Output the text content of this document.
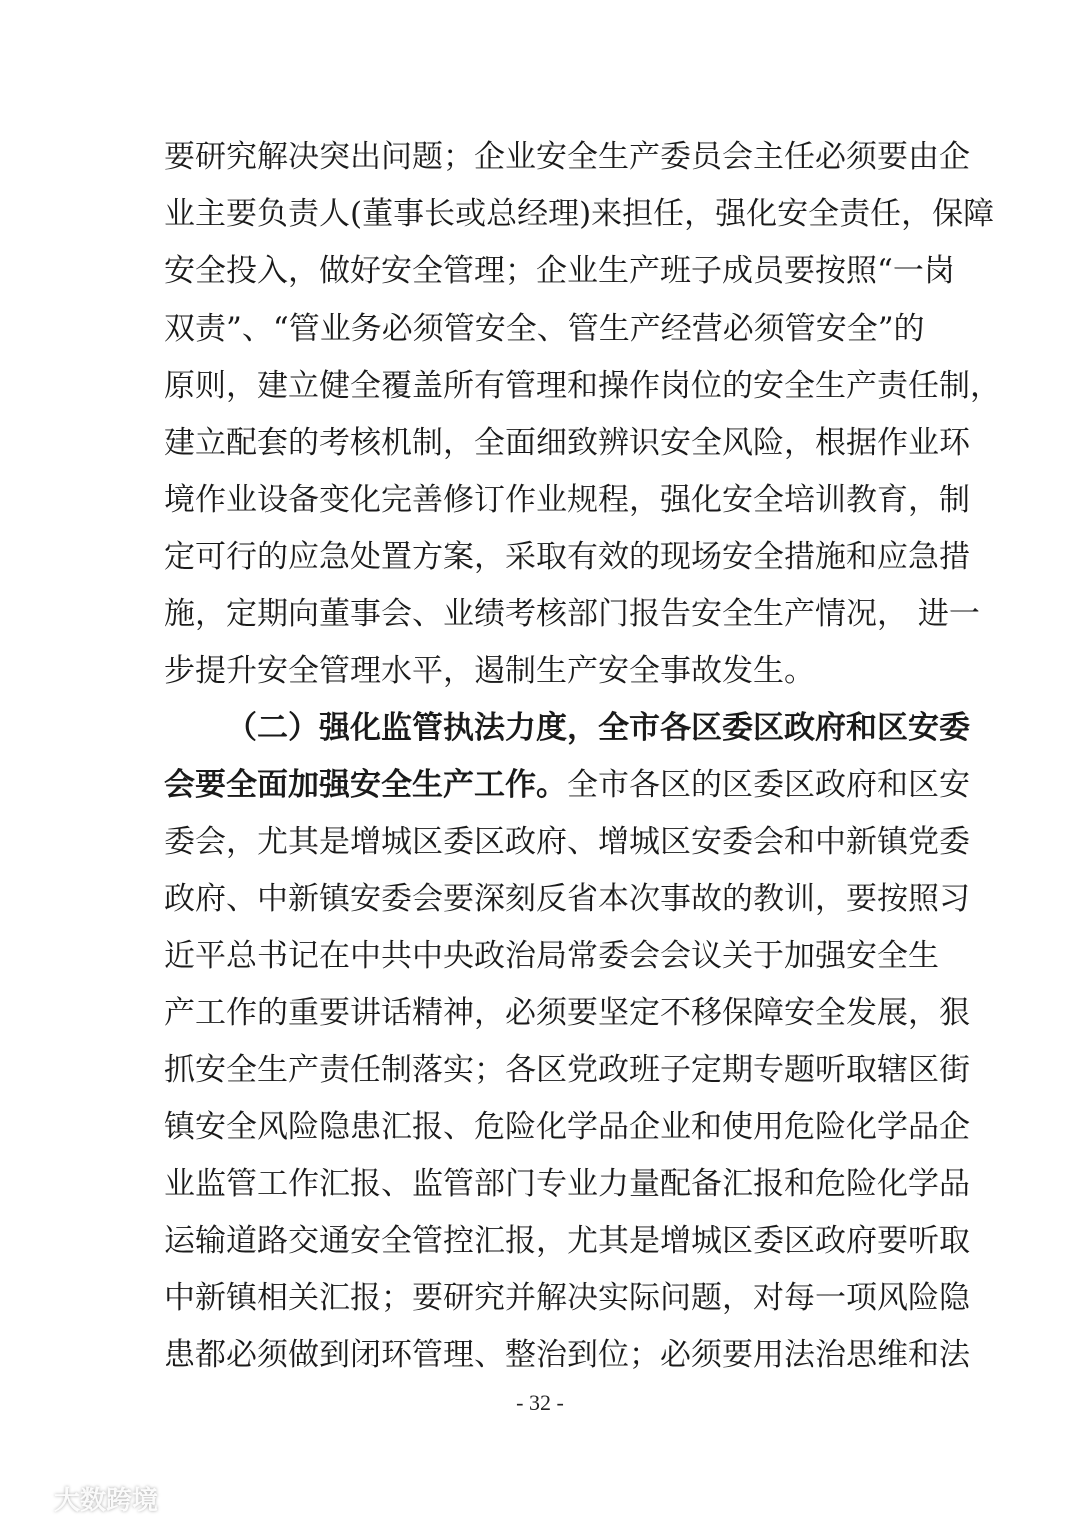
要研究解决突出问题；企业安全生产委员会主任必须要由企
业主要负责人(董事长或总经理)来担任，强化安全责任，保障
安全投入，做好安全管理；企业生产班子成员要按照“一岗
双责”、“管业务必须管安全、管生产经营必须管安全”的
原则，建立健全覆盖所有管理和操作岗位的安全生产责任制，
建立配套的考核机制，全面细致辨识安全风险，根据作业环
境作业设备变化完善修订作业规程，强化安全培训教育，制
定可行的应急处置方案，采取有效的现场安全措施和应急措
施，定期向董事会、业绩考核部门报告安全生产情况， 进一
步提升安全管理水平，遏制生产安全事故发生。
（二）强化监管执法力度，全市各区委区政府和区安委
会要全面加强安全生产工作。全市各区的区委区政府和区安
委会，尤其是增城区委区政府、增城区安委会和中新镇党委
政府、中新镇安委会要深刻反省本次事故的教训，要按照习
近平总书记在中共中央政治局常委会会议关于加强安全生
产工作的重要讲话精神，必须要坚定不移保障安全发展，狠
抓安全生产责任制落实；各区党政班子定期专题听取辖区街
镇安全风险隐患汇报、危险化学品企业和使用危险化学品企
业监管工作汇报、监管部门专业力量配备汇报和危险化学品
运输道路交通安全管控汇报，尤其是增城区委区政府要听取
中新镇相关汇报；要研究并解决实际问题，对每一项风险隐
患都必须做到闭环管理、整治到位；必须要用法治思维和法
- 32 -
大数跨境
